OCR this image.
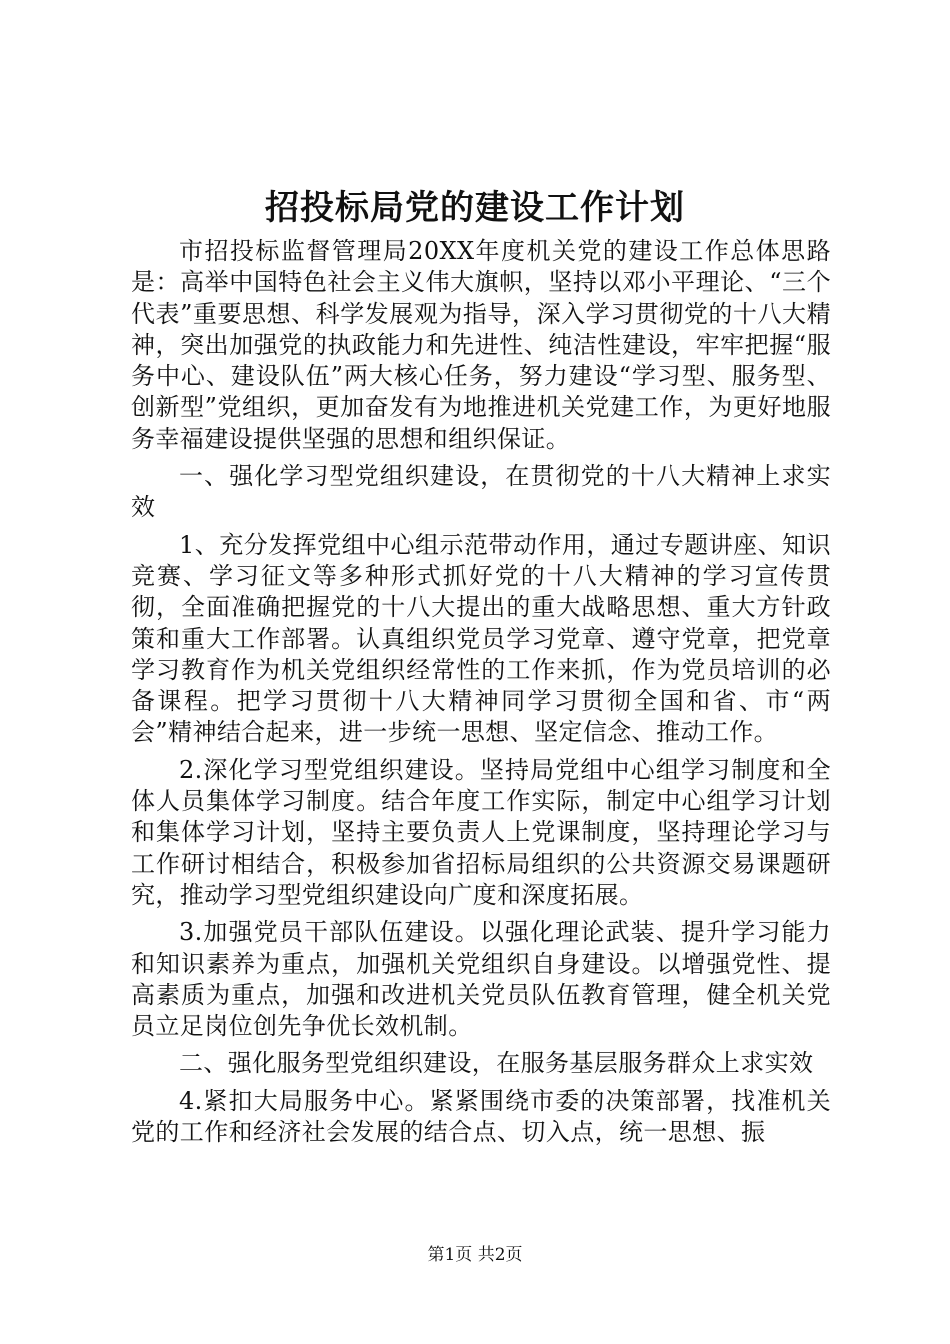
招投标局党的建设工作计划

市招投标监督管理局20XX年度机关党的建设工作总体思路是：高举中国特色社会主义伟大旗帜，坚持以邓小平理论、“三个代表”重要思想、科学发展观为指导，深入学习贯彻党的十八大精神，突出加强党的执政能力和先进性、纯洁性建设，牢牢把握“服务中心、建设队伍”两大核心任务，努力建设“学习型、服务型、创新型”党组织，更加奋发有为地推进机关党建工作，为更好地服务幸福建设提供坚强的思想和组织保证。

一、强化学习型党组织建设，在贯彻党的十八大精神上求实效

1、充分发挥党组中心组示范带动作用，通过专题讲座、知识竞赛、学习征文等多种形式抓好党的十八大精神的学习宣传贯彻，全面准确把握党的十八大提出的重大战略思想、重大方针政策和重大工作部署。认真组织党员学习党章、遵守党章，把党章学习教育作为机关党组织经常性的工作来抓，作为党员培训的必备课程。把学习贯彻十八大精神同学习贯彻全国和省、市“两会”精神结合起来，进一步统一思想、坚定信念、推动工作。

2.深化学习型党组织建设。坚持局党组中心组学习制度和全体人员集体学习制度。结合年度工作实际，制定中心组学习计划和集体学习计划，坚持主要负责人上党课制度，坚持理论学习与工作研讨相结合，积极参加省招标局组织的公共资源交易课题研究，推动学习型党组织建设向广度和深度拓展。

3.加强党员干部队伍建设。以强化理论武装、提升学习能力和知识素养为重点，加强机关党组织自身建设。以增强党性、提高素质为重点，加强和改进机关党员队伍教育管理，健全机关党员立足岗位创先争优长效机制。

二、强化服务型党组织建设，在服务基层服务群众上求实效

4.紧扣大局服务中心。紧紧围绕市委的决策部署，找准机关党的工作和经济社会发展的结合点、切入点，统一思想、振

第1页 共2页
